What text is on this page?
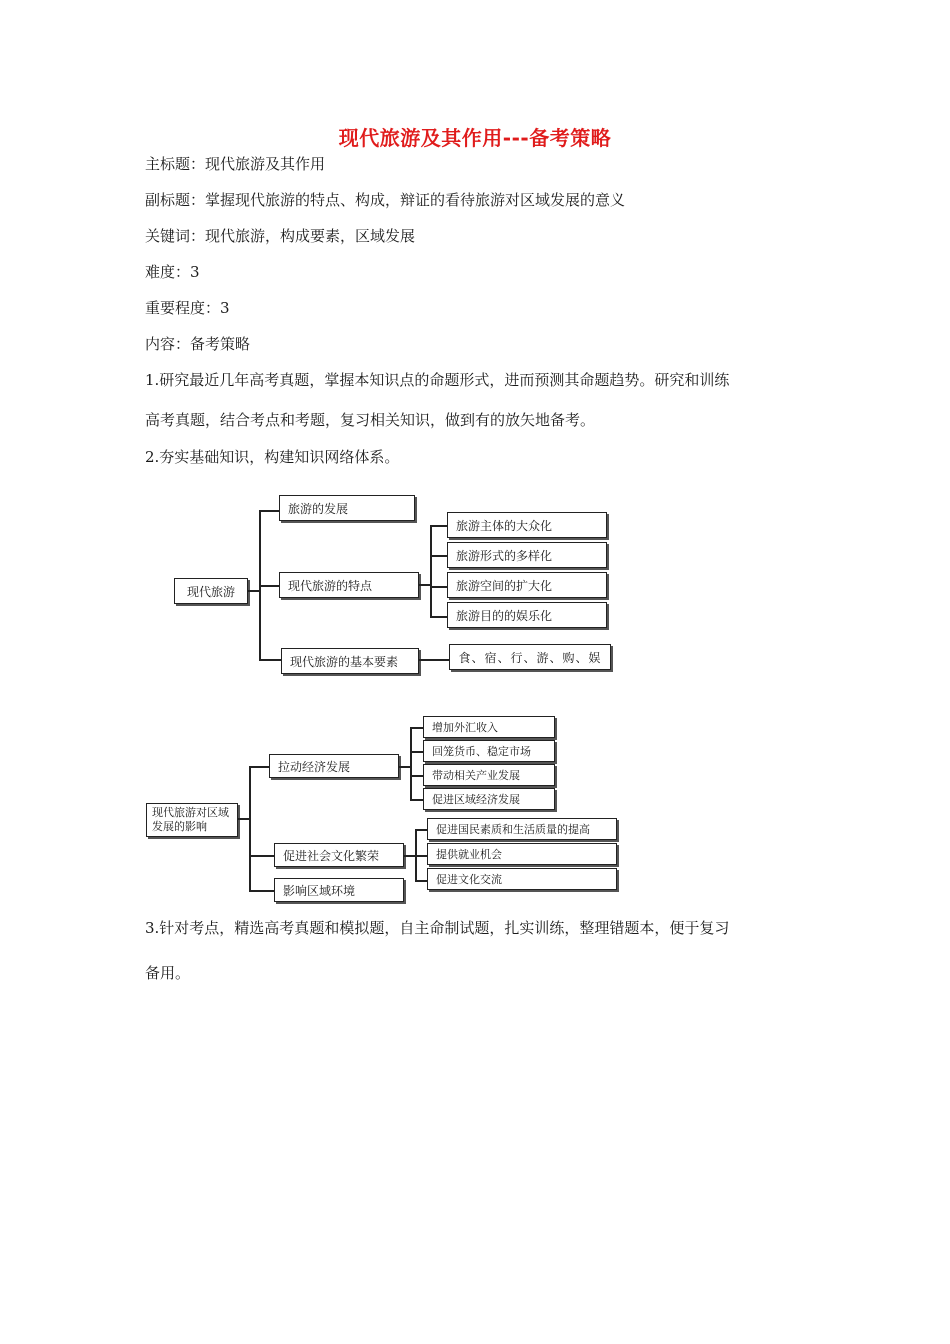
现代旅游及其作用---备考策略
主标题：现代旅游及其作用
副标题：掌握现代旅游的特点、构成，辩证的看待旅游对区域发展的意义
关键词：现代旅游，构成要素，区域发展
难度：3
重要程度：3
内容：备考策略
1.研究最近几年高考真题，掌握本知识点的命题形式，进而预测其命题趋势。研究和训练
高考真题，结合考点和考题，复习相关知识，做到有的放矢地备考。
2.夯实基础知识，构建知识网络体系。
现代旅游
旅游的发展
现代旅游的特点
现代旅游的基本要素
旅游主体的大众化
旅游形式的多样化
旅游空间的扩大化
旅游目的的娱乐化
食、宿、行、游、购、娱
现代旅游对区域发展的影响
拉动经济发展
促进社会文化繁荣
影响区域环境
增加外汇收入
回笼货币、稳定市场
带动相关产业发展
促进区域经济发展
促进国民素质和生活质量的提高
提供就业机会
促进文化交流
3.针对考点，精选高考真题和模拟题，自主命制试题，扎实训练，整理错题本，便于复习
备用。
